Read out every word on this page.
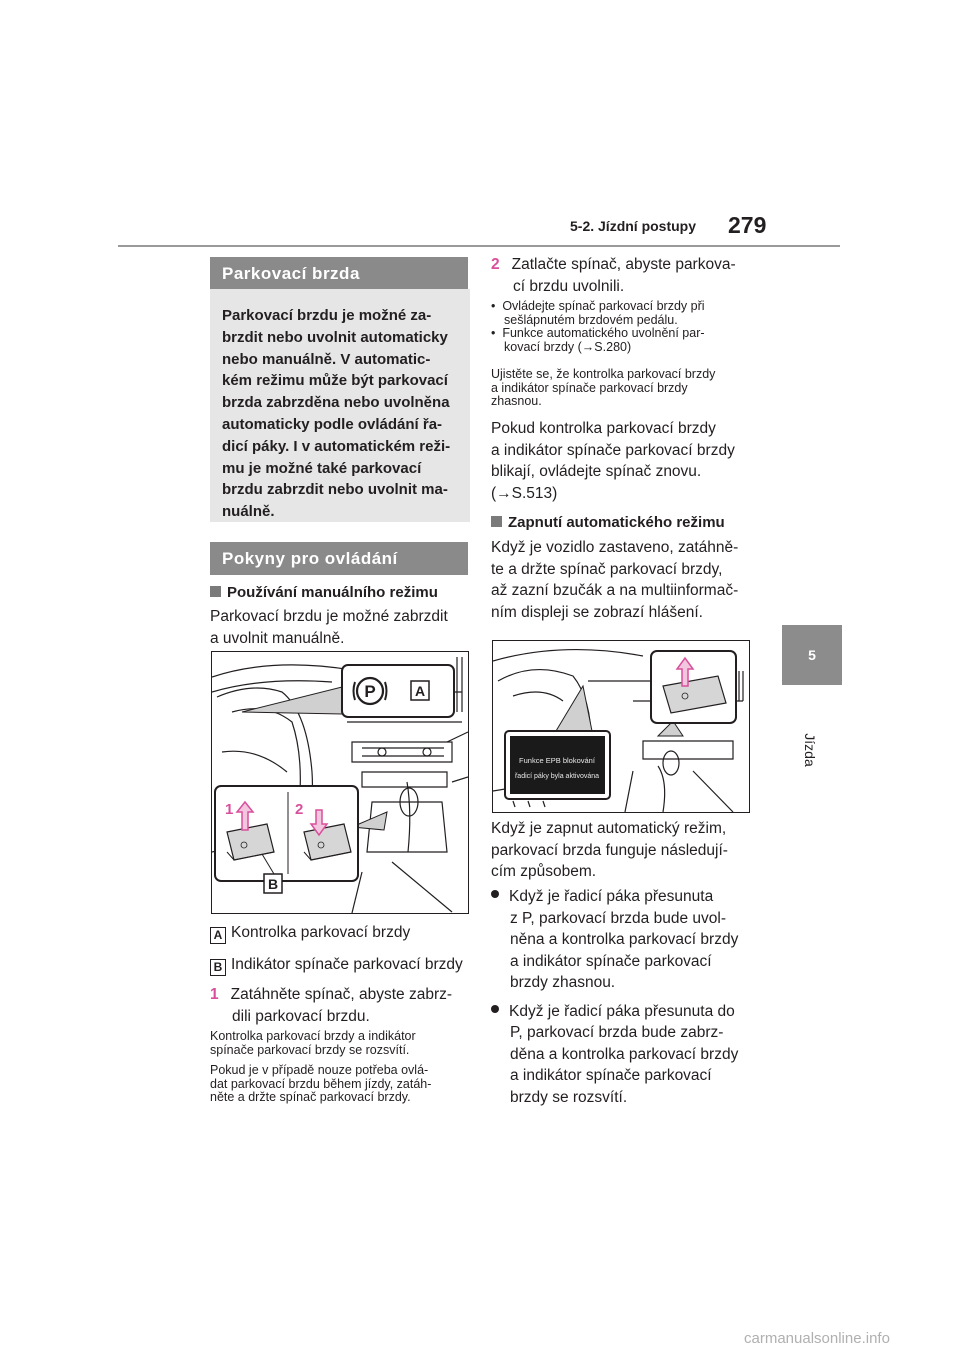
5-2. Jízdní postupy 279
5
Jízda
Parkovací brzda
Parkovací brzdu je možné za-
brzdit nebo uvolnit automaticky
nebo manuálně. V automatic-
kém režimu může být parkovací
brzda zabrzděna nebo uvolněna
automaticky podle ovládání řa-
dicí páky. I v automatickém reži-
mu je možné také parkovací
brzdu zabrzdit nebo uvolnit ma-
nuálně.
Pokyny pro ovládání
Používání manuálního režimu
Parkovací brzdu je možné zabrzdit
a uvolnit manuálně.
P	A
1	2
B
A Kontrolka parkovací brzdy
B Indikátor spínače parkovací brzdy
1 Zatáhněte spínač, abyste zabrz-
dili parkovací brzdu.
Kontrolka parkovací brzdy a indikátor
spínače parkovací brzdy se rozsvítí.
Pokud je v případě nouze potřeba ovlá-
dat parkovací brzdu během jízdy, zatáh-
něte a držte spínač parkovací brzdy.
2 Zatlačte spínač, abyste parkova-
cí brzdu uvolnili.
•  Ovládejte spínač parkovací brzdy při
sešlápnutém brzdovém pedálu.
•  Funkce automatického uvolnění par-
kovací brzdy (→S.280)
Ujistěte se, že kontrolka parkovací brzdy
a indikátor spínače parkovací brzdy
zhasnou.
Pokud kontrolka parkovací brzdy
a indikátor spínače parkovací brzdy
blikají, ovládejte spínač znovu.
(→S.513)
Zapnutí automatického režimu
Když je vozidlo zastaveno, zatáhně-
te a držte spínač parkovací brzdy,
až zazní bzučák a na multiinformač-
ním displeji se zobrazí hlášení.
Funkce EPB blokování
řadicí páky byla aktivována
Když je zapnut automatický režim,
parkovací brzda funguje následují-
cím způsobem.
Když je řadicí páka přesunuta
z P, parkovací brzda bude uvol-
něna a kontrolka parkovací brzdy
a indikátor spínače parkovací
brzdy zhasnou.
Když je řadicí páka přesunuta do
P, parkovací brzda bude zabrz-
děna a kontrolka parkovací brzdy
a indikátor spínače parkovací
brzdy se rozsvítí.
carmanualsonline.info
